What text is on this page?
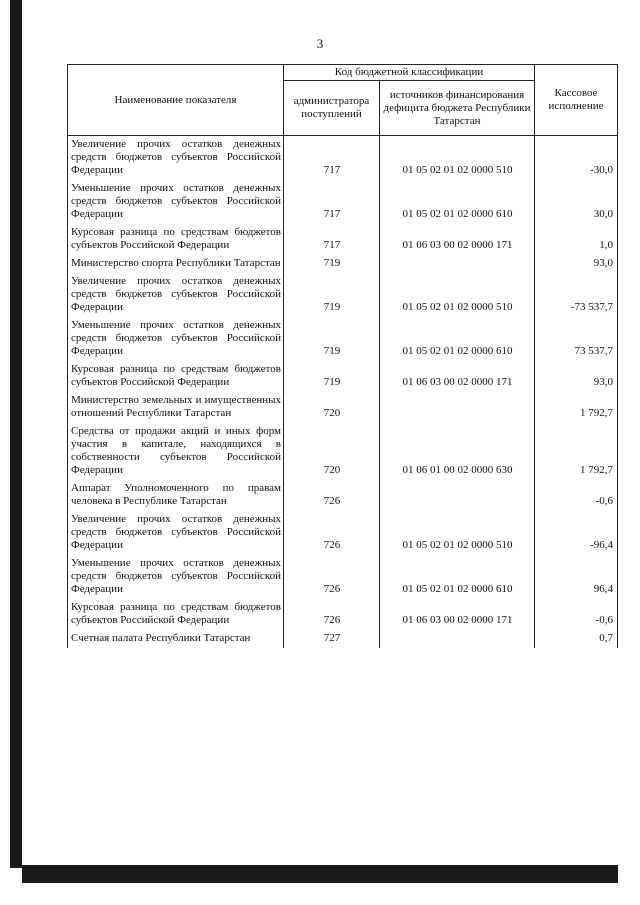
3
Наименование показателя	Код бюджетной классификации		Кассовое исполнение
	администратора поступлений	источников финансирования дефицита бюджета Республики Татарстан	
Увеличение прочих остатков денежных средств бюджетов субъектов Российской Федерации	717	01 05 02 01 02 0000 510	-30,0
Уменьшение прочих остатков денежных средств бюджетов субъектов Российской Федерации	717	01 05 02 01 02 0000 610	30,0
Курсовая разница по средствам бюджетов субъектов Российской Федерации	717	01 06 03 00 02 0000 171	1,0
Министерство спорта Республики Татарстан	719		93,0
Увеличение прочих остатков денежных средств бюджетов субъектов Российской Федерации	719	01 05 02 01 02 0000 510	-73 537,7
Уменьшение прочих остатков денежных средств бюджетов субъектов Российской Федерации	719	01 05 02 01 02 0000 610	73 537,7
Курсовая разница по средствам бюджетов субъектов Российской Федерации	719	01 06 03 00 02 0000 171	93,0
Министерство земельных и имущественных отношений Республики Татарстан	720		1 792,7
Средства от продажи акций и иных форм участия в капитале, находящихся в собственности субъектов Российской Федерации	720	01 06 01 00 02 0000 630	1 792,7
Аппарат Уполномоченного по правам человека в Республике Татарстан	726		-0,6
Увеличение прочих остатков денежных средств бюджетов субъектов Российской Федерации	726	01 05 02 01 02 0000 510	-96,4
Уменьшение прочих остатков денежных средств бюджетов субъектов Российской Федерации	726	01 05 02 01 02 0000 610	96,4
Курсовая разница по средствам бюджетов субъектов Российской Федерации	726	01 06 03 00 02 0000 171	-0,6
Счетная палата Республики Татарстан	727		0,7
